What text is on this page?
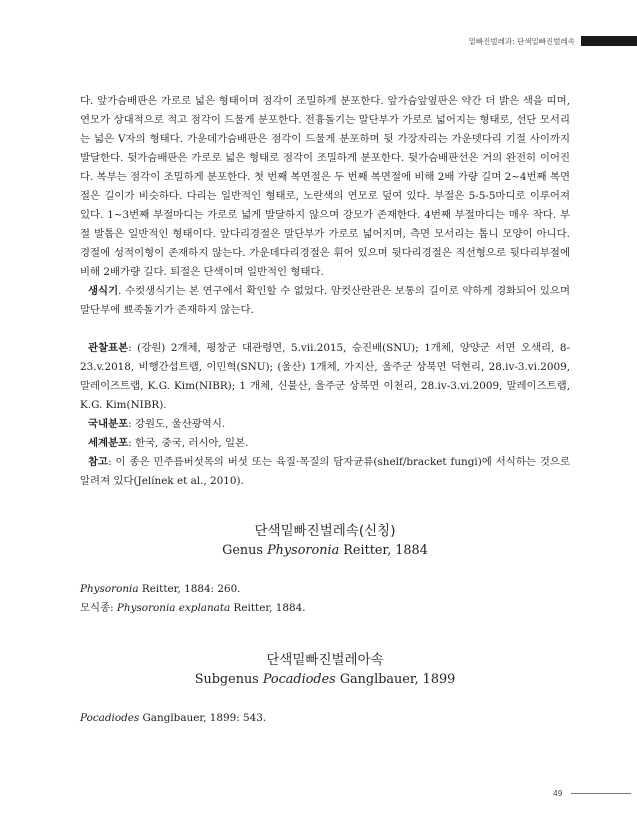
밑빠진벌레과: 단색밑빠진벌레속

다. 앞가슴배판은 가로로 넓은 형태이며 점각이 조밀하게 분포한다. 앞가슴앞옆판은 약간 더 밝은 색을 띠며, 연모가 상대적으로 적고 점각이 드물게 분포한다. 전흉돌기는 말단부가 가로로 넓어지는 형태로, 선단 모서리는 넓은 V자의 형태다. 가운데가슴배판은 점각이 드물게 분포하며 뒷 가장자리는 가운뎃다리 기절 사이까지 발달한다. 뒷가슴배판은 가로로 넓은 형태로 점각이 조밀하게 분포한다. 뒷가슴배판선은 거의 완전히 이어진다. 복부는 점각이 조밀하게 분포한다. 첫 번째 복면절은 두 번째 복면절에 비해 2배 가량 길며 2~4번째 복면절은 길이가 비슷하다. 다리는 일반적인 형태로, 노란색의 연모로 덮여 있다. 부절은 5-5-5마디로 이루어져 있다. 1~3번째 부절마디는 가로로 넓게 발달하지 않으며 강모가 존재한다. 4번째 부절마디는 매우 작다. 부절 발톱은 일반적인 형태이다. 앞다리경절은 말단부가 가로로 넓어지며, 측면 모서리는 톱니 모양이 아니다. 경절에 성적이형이 존재하지 않는다. 가운데다리경절은 휘어 있으며 뒷다리경절은 직선형으로 뒷다리부절에 비해 2배가량 길다. 퇴절은 단색이며 일반적인 형태다.

생식기. 수컷생식기는 본 연구에서 확인할 수 없었다. 암컷산란관은 보통의 길이로 약하게 경화되어 있으며 말단부에 뾰족돌기가 존재하지 않는다.

관찰표본: (강원) 2개체, 평창군 대관령면, 5.vii.2015, 승진배(SNU); 1개체, 양양군 서면 오색리, 8-23.v.2018, 비행간섭트랩, 이민혁(SNU); (울산) 1개체, 가지산, 울주군 상북면 덕현리, 28.iv-3.vi.2009, 말레이즈트랩, K.G. Kim(NIBR); 1 개체, 신불산, 울주군 상북면 이천리, 28.iv-3.vi.2009, 말레이즈트랩, K.G. Kim(NIBR).

국내분포: 강원도, 울산광역시.

세계분포: 한국, 중국, 러시아, 일본.

참고: 이 종은 민주름버섯목의 버섯 또는 육질·목질의 담자균류(shelf/bracket fungi)에 서식하는 것으로 알려져 있다(Jelínek et al., 2010).

단색밑빠진벌레속(신칭)

Genus Physoronia Reitter, 1884

Physoronia Reitter, 1884: 260.

모식종: Physoronia explanata Reitter, 1884.

단색밑빠진벌레아속

Subgenus Pocadiodes Ganglbauer, 1899

Pocadiodes Ganglbauer, 1899: 543.

49
